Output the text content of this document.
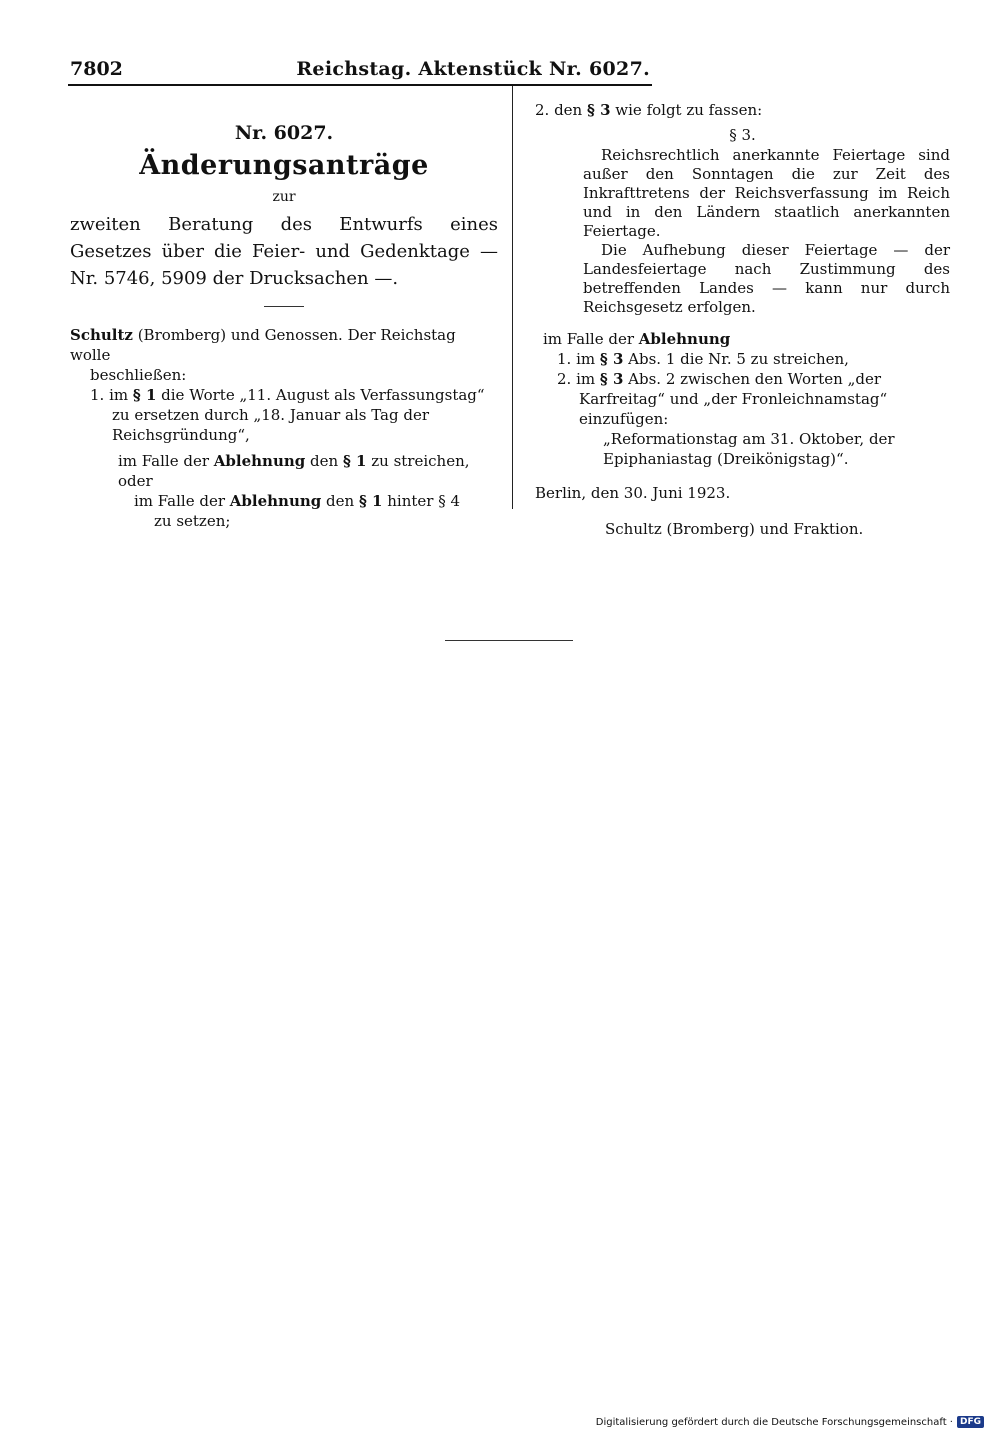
7802	Reichstag. Aktenstück Nr. 6027.
Nr. 6027.
Änderungsanträge
zur

zweiten Beratung des Entwurfs eines Gesetzes über die Feier- und Gedenktage — Nr. 5746, 5909 der Drucksachen —.

Schultz (Bromberg) und Genossen. Der Reichstag wolle

beschließen:

1. im § 1 die Worte „11. August als Verfassungstag“ zu ersetzen durch „18. Januar als Tag der Reichsgründung“,

im Falle der Ablehnung den § 1 zu streichen,

oder

im Falle der Ablehnung den § 1 hinter § 4

zu setzen;

2. den § 3 wie folgt zu fassen:

§ 3.

Reichsrechtlich anerkannte Feiertage sind außer den Sonntagen die zur Zeit des Inkrafttretens der Reichsverfassung im Reich und in den Ländern staatlich anerkannten Feiertage.

Die Aufhebung dieser Feiertage — der Landesfeiertage nach Zustimmung des betreffenden Landes — kann nur durch Reichsgesetz erfolgen.

im Falle der Ablehnung

1. im § 3 Abs. 1 die Nr. 5 zu streichen,

2. im § 3 Abs. 2 zwischen den Worten „der Karfreitag“ und „der Fronleichnamstag“ einzufügen:

„Reformationstag am 31. Oktober, der Epiphaniastag (Dreikönigstag)“.

Berlin, den 30. Juni 1923.

Schultz (Bromberg) und Fraktion.

Digitalisierung gefördert durch die Deutsche Forschungsgemeinschaft · DFG
